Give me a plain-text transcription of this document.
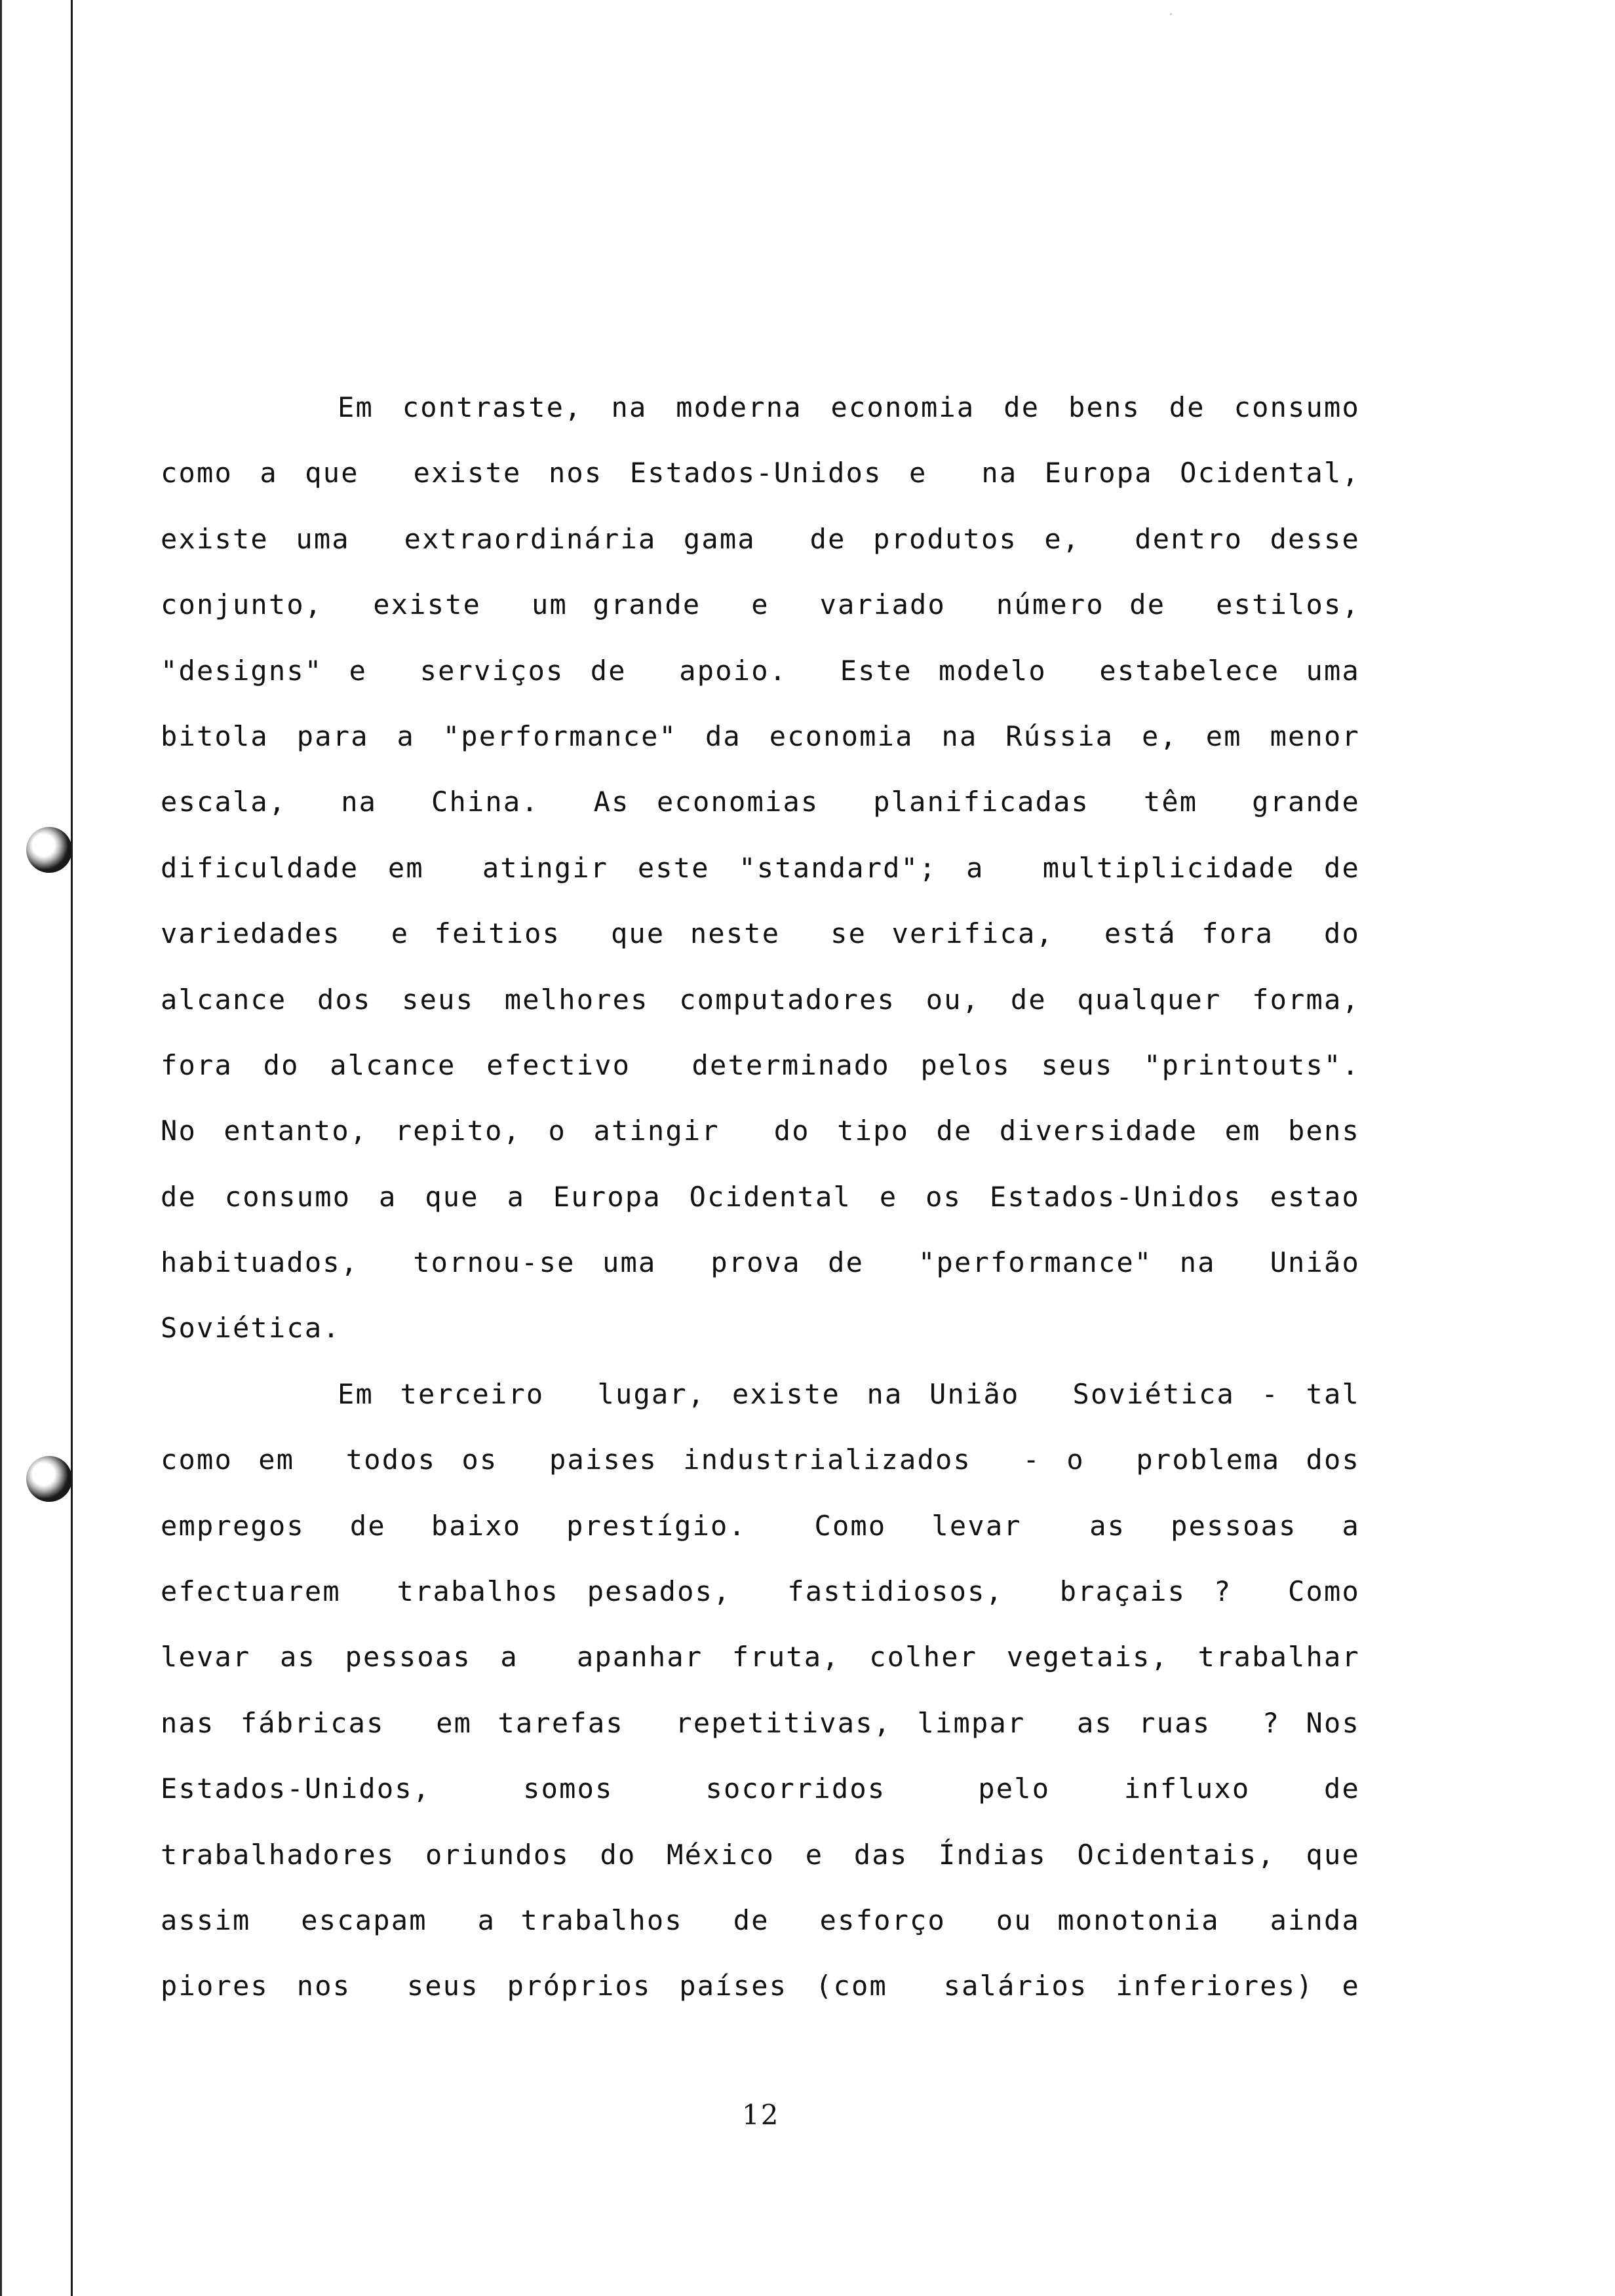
Em contraste, na moderna economia de bens de consumo
como a que  existe nos Estados-Unidos e  na Europa Ocidental,
existe uma  extraordinária gama  de produtos e,  dentro desse
conjunto,  existe  um grande  e  variado  número de  estilos,
"designs" e  serviços de  apoio.  Este modelo  estabelece uma
bitola para a "performance" da economia na Rússia e, em menor
escala,  na  China.  As economias  planificadas  têm  grande
dificuldade em  atingir este "standard"; a  multiplicidade de
variedades  e feitios  que neste  se verifica,  está fora  do
alcance dos seus melhores computadores ou, de qualquer forma,
fora do alcance efectivo  determinado pelos seus "printouts".
No entanto, repito, o atingir  do tipo de diversidade em bens
de consumo a que a Europa Ocidental e os Estados-Unidos estao
habituados,  tornou-se uma  prova de  "performance" na  União
Soviética.
Em terceiro  lugar, existe na União  Soviética - tal
como em  todos os  paises industrializados  - o  problema dos
empregos  de  baixo  prestígio.   Como  levar   as  pessoas  a
efectuarem  trabalhos pesados,  fastidiosos,  braçais ?  Como
levar as pessoas a  apanhar fruta, colher vegetais, trabalhar
nas fábricas  em tarefas  repetitivas, limpar  as ruas  ? Nos
Estados-Unidos,     somos     socorridos     pelo    influxo    de
trabalhadores oriundos do México e das Índias Ocidentais, que
assim  escapam  a trabalhos  de  esforço  ou monotonia  ainda
piores nos  seus próprios países (com  salários inferiores) e
12
